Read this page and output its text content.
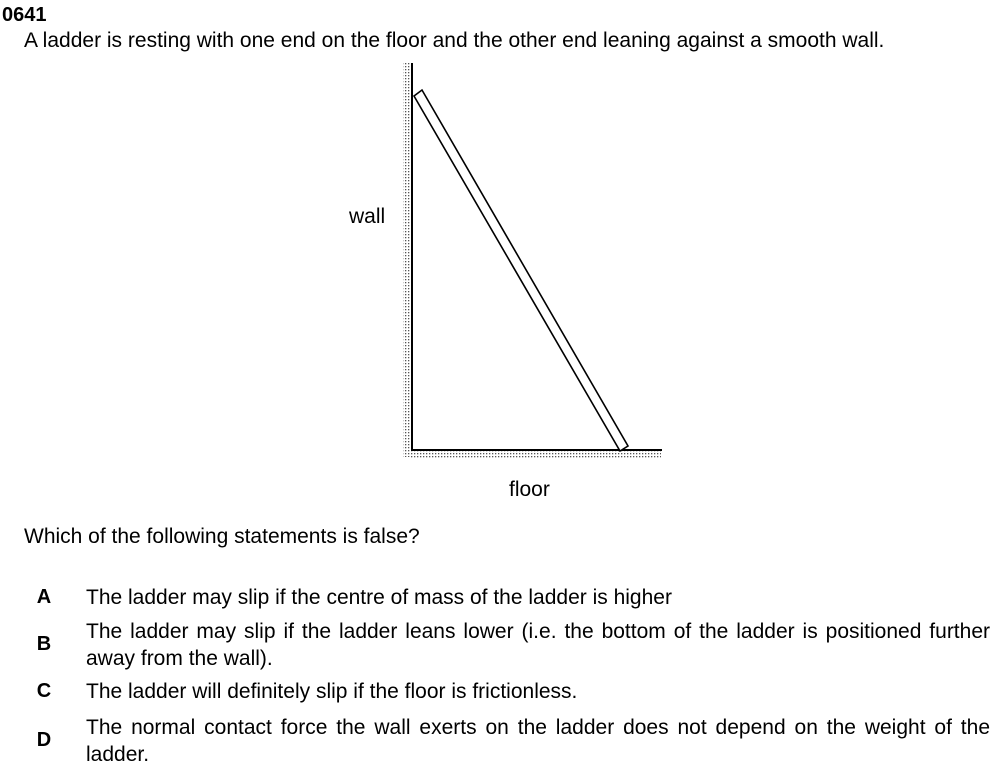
0641
A ladder is resting with one end on the floor and the other end leaning against a smooth wall.
wall
floor
Which of the following statements is false?
A The ladder may slip if the centre of mass of the ladder is higher
B
The ladder may slip if the ladder leans lower (i.e. the bottom of the ladder is positioned further away from the wall).
C The ladder will definitely slip if the floor is frictionless.
D
The normal contact force the wall exerts on the ladder does not depend on the weight of the ladder.
